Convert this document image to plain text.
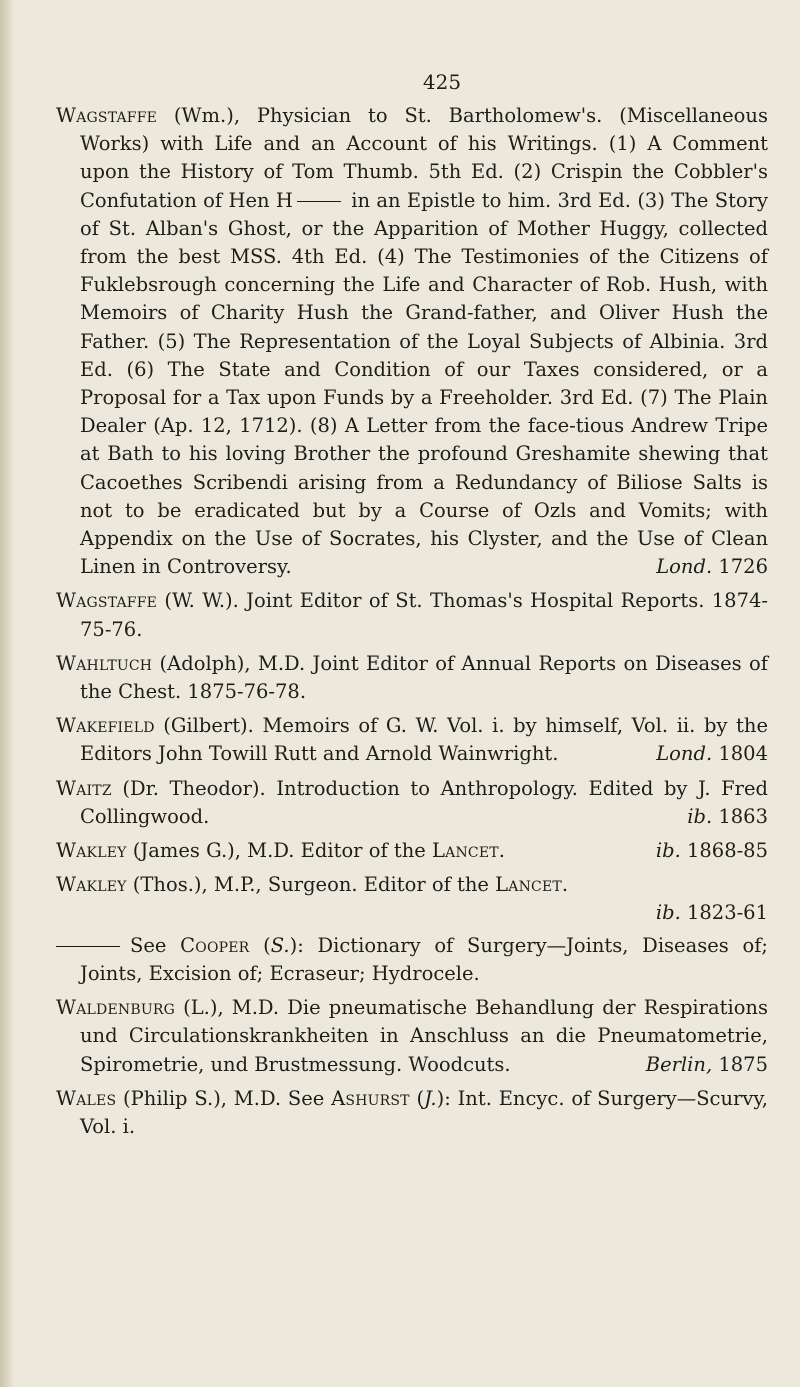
425

Wagstaffe (Wm.), Physician to St. Bartholomew's. (Miscellaneous Works) with Life and an Account of his Writings. (1) A Comment upon the History of Tom Thumb. 5th Ed. (2) Crispin the Cobbler's Confutation of Hen H	in an Epistle to him. 3rd Ed. (3) The Story of St. Alban's Ghost, or the Apparition of Mother Huggy, collected from the best MSS. 4th Ed. (4) The Testimonies of the Citizens of Fuklebsrough concerning the Life and Character of Rob. Hush, with Memoirs of Charity Hush the Grand-father, and Oliver Hush the Father. (5) The Representation of the Loyal Subjects of Albinia. 3rd Ed. (6) The State and Condition of our Taxes considered, or a Proposal for a Tax upon Funds by a Freeholder. 3rd Ed. (7) The Plain Dealer (Ap. 12, 1712). (8) A Letter from the face-tious Andrew Tripe at Bath to his loving Brother the profound Greshamite shewing that Cacoethes Scribendi arising from a Redundancy of Biliose Salts is not to be eradicated but by a Course of Ozls and Vomits; with Appendix on the Use of Socrates, his Clyster, and the Use of Clean Linen in Controversy.	Lond. 1726

Wagstaffe (W. W.). Joint Editor of St. Thomas's Hospital Reports. 1874-75-76.

Wahltuch (Adolph), M.D. Joint Editor of Annual Reports on Diseases of the Chest. 1875-76-78.

Wakefield (Gilbert). Memoirs of G. W. Vol. i. by himself, Vol. ii. by the Editors John Towill Rutt and Arnold Wainwright.	Lond. 1804

Waitz (Dr. Theodor). Introduction to Anthropology. Edited by J. Fred Collingwood.	ib. 1863

Wakley (James G.), M.D. Editor of the Lancet.	ib. 1868-85

Wakley (Thos.), M.P., Surgeon. Editor of the Lancet.

ib. 1823-61

See Cooper (S.): Dictionary of Surgery—Joints, Diseases of; Joints, Excision of; Ecraseur; Hydrocele.

Waldenburg (L.), M.D. Die pneumatische Behandlung der Respirations und Circulationskrankheiten in Anschluss an die Pneumatometrie, Spirometrie, und Brustmessung. Woodcuts.	Berlin, 1875

Wales (Philip S.), M.D. See Ashurst (J.): Int. Encyc. of Surgery—Scurvy, Vol. i.
